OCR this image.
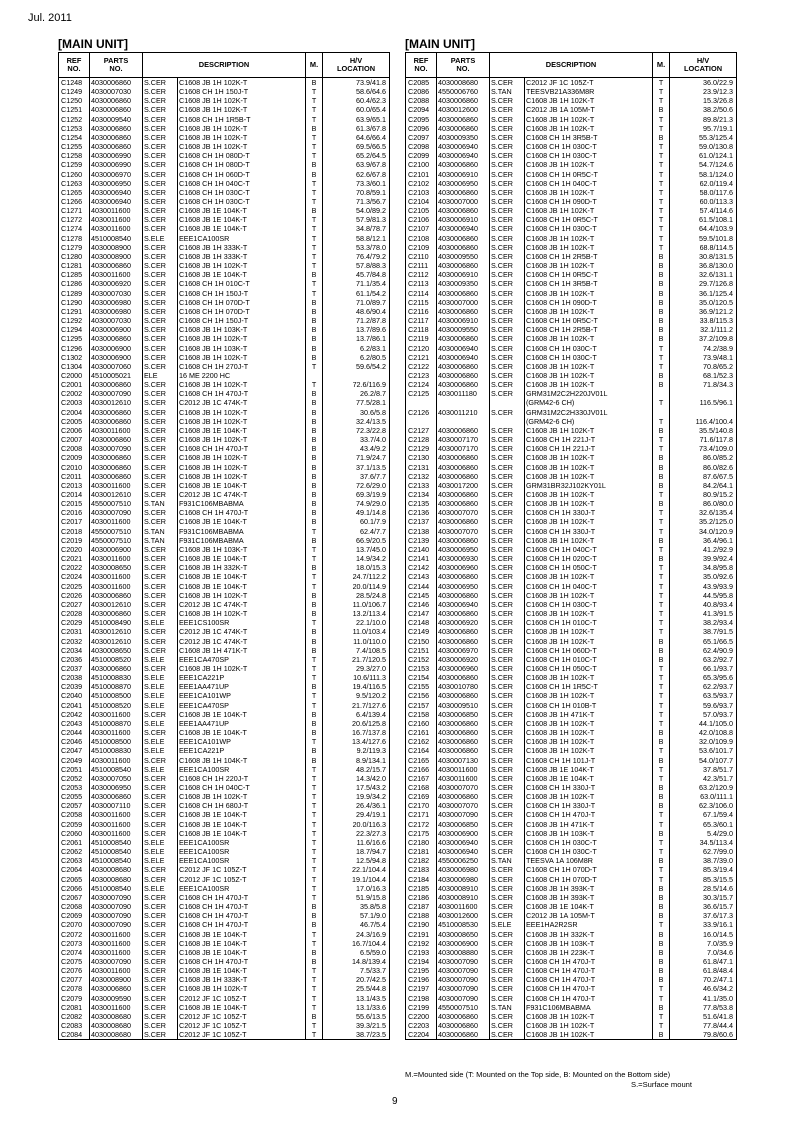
Jul. 2011
[MAIN UNIT]	[MAIN UNIT]
REF
NO.	PARTS
NO.	DESCRIPTION		M.	H/V
LOCATION
C1248	4030006860	S.CER	C1608 JB 1H 102K-T	B	73.9/41.8
C1249	4030007030	S.CER	C1608 CH 1H 150J-T	T	58.6/64.6
C1250	4030006860	S.CER	C1608 JB 1H 102K-T	T	60.4/62.3
C1251	4030006860	S.CER	C1608 JB 1H 102K-T	T	60.0/65.4
C1252	4030009540	S.CER	C1608 CH 1H 1R5B-T	T	63.9/65.1
C1253	4030006860	S.CER	C1608 JB 1H 102K-T	B	61.3/67.8
C1254	4030006860	S.CER	C1608 JB 1H 102K-T	T	64.6/66.4
C1255	4030006860	S.CER	C1608 JB 1H 102K-T	T	69.5/66.5
C1258	4030006990	S.CER	C1608 CH 1H 080D-T	T	65.2/64.5
C1259	4030006990	S.CER	C1608 CH 1H 080D-T	B	63.9/67.8
C1260	4030006970	S.CER	C1608 CH 1H 060D-T	B	62.6/67.8
C1263	4030006950	S.CER	C1608 CH 1H 040C-T	T	73.3/60.1
C1265	4030006940	S.CER	C1608 CH 1H 030C-T	T	70.8/59.1
C1266	4030006940	S.CER	C1608 CH 1H 030C-T	T	71.3/56.7
C1271	4030011600	S.CER	C1608 JB 1E 104K-T	B	54.0/89.2
C1272	4030011600	S.CER	C1608 JB 1E 104K-T	T	57.9/81.3
C1274	4030011600	S.CER	C1608 JB 1E 104K-T	T	34.8/78.7
C1278	4510008540	S.ELE	EEE1CA100SR	T	58.8/12.1
C1279	4030008900	S.CER	C1608 JB 1H 333K-T	T	53.3/78.0
C1280	4030008900	S.CER	C1608 JB 1H 333K-T	T	76.4/79.2
C1281	4030006860	S.CER	C1608 JB 1H 102K-T	T	57.8/88.3
C1285	4030011600	S.CER	C1608 JB 1E 104K-T	B	45.7/84.8
C1286	4030006920	S.CER	C1608 CH 1H 010C-T	T	71.1/35.4
C1289	4030007030	S.CER	C1608 CH 1H 150J-T	T	61.1/54.2
C1290	4030006980	S.CER	C1608 CH 1H 070D-T	B	71.0/89.7
C1291	4030006980	S.CER	C1608 CH 1H 070D-T	B	48.6/90.4
C1292	4030007030	S.CER	C1608 CH 1H 150J-T	B	71.2/87.8
C1294	4030006900	S.CER	C1608 JB 1H 103K-T	B	13.7/89.6
C1295	4030006860	S.CER	C1608 JB 1H 102K-T	B	13.7/86.1
C1296	4030006900	S.CER	C1608 JB 1H 103K-T	B	6.2/83.1
C1302	4030006900	S.CER	C1608 JB 1H 102K-T	B	6.2/80.5
C1304	4030007060	S.CER	C1608 CH 1H 270J-T	T	59.6/54.2
C2000	4510005021	ELE	16 ME 2200 HC		
C2001	4030006860	S.CER	C1608 JB 1H 102K-T	T	72.6/116.9
C2002	4030007090	S.CER	C1608 CH 1H 470J-T	B	26.2/8.7
C2003	4030012610	S.CER	C2012 JB 1C 474K-T	B	77.5/28.1
C2004	4030006860	S.CER	C1608 JB 1H 102K-T	B	30.6/5.8
C2005	4030006860	S.CER	C1608 JB 1H 102K-T	B	32.4/13.5
C2006	4030011600	S.CER	C1608 JB 1E 104K-T	B	72.3/22.8
C2007	4030006860	S.CER	C1608 JB 1H 102K-T	B	33.7/4.0
C2008	4030007090	S.CER	C1608 CH 1H 470J-T	B	43.4/9.2
C2009	4030006860	S.CER	C1608 JB 1H 102K-T	B	71.9/24.7
C2010	4030006860	S.CER	C1608 JB 1H 102K-T	B	37.1/13.5
C2011	4030006860	S.CER	C1608 JB 1H 102K-T	B	37.6/7.7
C2013	4030011600	S.CER	C1608 JB 1E 104K-T	B	72.6/29.0
C2014	4030012610	S.CER	C2012 JB 1C 474K-T	B	69.3/19.9
C2015	4550007510	S.TAN	F931C106MBABMA	B	74.9/29.0
C2016	4030007090	S.CER	C1608 CH 1H 470J-T	B	49.1/14.8
C2017	4030011600	S.CER	C1608 JB 1E 104K-T	B	60.1/7.9
C2018	4550007510	S.TAN	F931C106MBABMA	T	62.4/7.7
C2019	4550007510	S.TAN	F931C106MBABMA	B	66.9/20.5
C2020	4030006900	S.CER	C1608 JB 1H 103K-T	T	13.7/45.0
C2021	4030011600	S.CER	C1608 JB 1E 104K-T	T	14.9/34.2
C2022	4030008650	S.CER	C1608 JB 1H 332K-T	B	18.0/15.3
C2024	4030011600	S.CER	C1608 JB 1E 104K-T	T	24.7/112.2
C2025	4030011600	S.CER	C1608 JB 1E 104K-T	T	20.0/114.9
C2026	4030006860	S.CER	C1608 JB 1H 102K-T	B	28.5/24.8
C2027	4030012610	S.CER	C2012 JB 1C 474K-T	B	11.0/106.7
C2028	4030006860	S.CER	C1608 JB 1H 102K-T	B	13.2/113.4
C2029	4510008490	S.ELE	EEE1CS100SR	T	22.1/10.0
C2031	4030012610	S.CER	C2012 JB 1C 474K-T	B	11.0/103.4
C2032	4030012610	S.CER	C2012 JB 1C 474K-T	B	11.0/110.0
C2034	4030008650	S.CER	C1608 JB 1H 471K-T	B	7.4/108.5
C2036	4510008520	S.ELE	EEE1CA470SP	T	21.7/120.5
C2037	4030006860	S.CER	C1608 JB 1H 102K-T	T	29.3/27.0
C2038	4510008830	S.ELE	EEE1CA221P	T	10.6/111.3
C2039	4510008870	S.ELE	EEE1AA471UP	B	19.4/116.5
C2040	4510008500	S.ELE	EEE1CA101WP	T	9.5/120.2
C2041	4510008520	S.ELE	EEE1CA470SP	T	21.7/127.6
C2042	4030011600	S.CER	C1608 JB 1E 104K-T	B	6.4/139.4
C2043	4510008870	S.ELE	EEE1AA471UP	B	20.6/125.8
C2044	4030011600	S.CER	C1608 JB 1E 104K-T	B	16.7/137.8
C2046	4510008500	S.ELE	EEE1CA101WP	T	13.4/127.6
C2047	4510008830	S.ELE	EEE1CA221P	B	9.2/119.3
C2049	4030011600	S.CER	C1608 JB 1H 104K-T	B	8.9/134.1
C2051	4510008540	S.ELE	EEE1CA100SR	T	48.2/15.7
C2052	4030007050	S.CER	C1608 CH 1H 220J-T	T	14.3/42.0
C2053	4030006950	S.CER	C1608 CH 1H 040C-T	T	17.5/43.2
C2055	4030006860	S.CER	C1608 JB 1H 102K-T	T	19.9/34.2
C2057	4030007110	S.CER	C1608 CH 1H 680J-T	T	26.4/36.1
C2058	4030011600	S.CER	C1608 JB 1E 104K-T	T	29.4/19.1
C2059	4030011600	S.CER	C1608 JB 1E 104K-T	T	20.0/116.3
C2060	4030011600	S.CER	C1608 JB 1E 104K-T	T	22.3/27.3
C2061	4510008540	S.ELE	EEE1CA100SR	T	11.6/16.6
C2062	4510008540	S.ELE	EEE1CA100SR	T	18.7/94.7
C2063	4510008540	S.ELE	EEE1CA100SR	T	12.5/94.8
C2064	4030008680	S.CER	C2012 JF 1C 105Z-T	T	22.1/104.4
C2065	4030008680	S.CER	C2012 JF 1C 105Z-T	T	19.1/104.4
C2066	4510008540	S.ELE	EEE1CA100SR	T	17.0/16.3
C2067	4030007090	S.CER	C1608 CH 1H 470J-T	T	51.9/15.8
C2068	4030007090	S.CER	C1608 CH 1H 470J-T	B	35.8/5.8
C2069	4030007090	S.CER	C1608 CH 1H 470J-T	B	57.1/9.0
C2070	4030007090	S.CER	C1608 CH 1H 470J-T	B	46.7/5.4
C2072	4030011600	S.CER	C1608 JB 1E 104K-T	T	24.3/16.9
C2073	4030011600	S.CER	C1608 JB 1E 104K-T	T	16.7/104.4
C2074	4030011600	S.CER	C1608 JB 1E 104K-T	B	6.5/59.0
C2075	4030007090	S.CER	C1608 CH 1H 470J-T	B	14.8/139.4
C2076	4030011600	S.CER	C1608 JB 1E 104K-T	T	7.5/33.7
C2077	4030008900	S.CER	C1608 JB 1H 333K-T	T	20.7/42.5
C2078	4030006860	S.CER	C1608 JB 1H 102K-T	T	25.5/44.8
C2079	4030009590	S.CER	C2012 JF 1C 105Z-T	T	13.1/43.5
C2081	4030011600	S.CER	C1608 JB 1E 104K-T	T	13.1/33.6
C2082	4030008680	S.CER	C2012 JF 1C 105Z-T	B	55.6/13.5
C2083	4030008680	S.CER	C2012 JF 1C 105Z-T	T	39.3/21.5
C2084	4030008680	S.CER	C2012 JF 1C 105Z-T	T	38.7/23.5
REF
NO.	PARTS
NO.	DESCRIPTION		M.	H/V
LOCATION
C2085	4030008680	S.CER	C2012 JF 1C 105Z-T	T	36.0/22.9
C2086	4550006760	S.TAN	TEESVB21A336M8R	T	23.9/12.3
C2088	4030006860	S.CER	C1608 JB 1H 102K-T	T	15.3/26.8
C2094	4030012600	S.CER	C2012 JB 1A 105M-T	B	38.2/50.6
C2095	4030006860	S.CER	C1608 JB 1H 102K-T	T	89.8/21.3
C2096	4030006860	S.CER	C1608 JB 1H 102K-T	T	95.7/19.1
C2097	4030009350	S.CER	C1608 CH 1H 3R5B-T	B	55.3/125.4
C2098	4030006940	S.CER	C1608 CH 1H 030C-T	T	59.0/130.8
C2099	4030006940	S.CER	C1608 CH 1H 030C-T	T	61.0/124.1
C2100	4030006860	S.CER	C1608 JB 1H 102K-T	T	54.7/124.6
C2101	4030006910	S.CER	C1608 CH 1H 0R5C-T	T	58.1/124.0
C2102	4030006950	S.CER	C1608 CH 1H 040C-T	T	62.0/119.4
C2103	4030006860	S.CER	C1608 JB 1H 102K-T	T	58.0/117.6
C2104	4030007000	S.CER	C1608 CH 1H 090D-T	T	60.0/113.3
C2105	4030006860	S.CER	C1608 JB 1H 102K-T	T	57.4/114.6
C2106	4030006910	S.CER	C1608 CH 1H 0R5C-T	T	61.5/108.1
C2107	4030006940	S.CER	C1608 CH 1H 030C-T	T	64.4/103.9
C2108	4030006860	S.CER	C1608 JB 1H 102K-T	T	59.5/101.8
C2109	4030006860	S.CER	C1608 JB 1H 102K-T	T	68.8/114.5
C2110	4030009550	S.CER	C1608 CH 1H 2R5B-T	B	30.8/131.5
C2111	4030006860	S.CER	C1608 JB 1H 102K-T	B	36.8/130.0
C2112	4030006910	S.CER	C1608 CH 1H 0R5C-T	B	32.6/131.1
C2113	4030009350	S.CER	C1608 CH 1H 3R5B-T	B	29.7/126.8
C2114	4030006860	S.CER	C1608 JB 1H 102K-T	B	36.1/125.4
C2115	4030007000	S.CER	C1608 CH 1H 090D-T	B	35.0/120.5
C2116	4030006860	S.CER	C1608 JB 1H 102K-T	B	36.9/121.2
C2117	4030006910	S.CER	C1608 CH 1H 0R5C-T	B	33.8/115.3
C2118	4030009550	S.CER	C1608 CH 1H 2R5B-T	B	32.1/111.2
C2119	4030006860	S.CER	C1608 JB 1H 102K-T	B	37.2/109.8
C2120	4030006940	S.CER	C1608 CH 1H 030C-T	T	74.2/38.9
C2121	4030006940	S.CER	C1608 CH 1H 030C-T	T	73.9/48.1
C2122	4030006860	S.CER	C1608 JB 1H 102K-T	T	70.8/65.2
C2123	4030006860	S.CER	C1608 JB 1H 102K-T	B	68.1/52.3
C2124	4030006860	S.CER	C1608 JB 1H 102K-T	B	71.8/34.3
C2125	4030011180	S.CER	GRM31M2C2H220JV01L		
			(GRM42-6 CH)	T	116.5/96.1
C2126	4030011210	S.CER	GRM31M2C2H330JV01L		
			(GRM42-6 CH)	T	116.4/100.4
C2127	4030006860	S.CER	C1608 JB 1H 102K-T	B	35.5/140.8
C2128	4030007170	S.CER	C1608 CH 1H 221J-T	T	71.6/117.8
C2129	4030007170	S.CER	C1608 CH 1H 221J-T	T	73.4/109.0
C2130	4030006860	S.CER	C1608 JB 1H 102K-T	B	86.0/85.2
C2131	4030006860	S.CER	C1608 JB 1H 102K-T	B	86.0/82.6
C2132	4030006860	S.CER	C1608 JB 1H 102K-T	B	87.6/67.5
C2133	4030017200	S.CER	GRM31BR32J102KY01L	B	84.2/64.1
C2134	4030006860	S.CER	C1608 JB 1H 102K-T	T	80.9/15.2
C2135	4030006860	S.CER	C1608 JB 1H 102K-T	B	86.0/80.0
C2136	4030007070	S.CER	C1608 CH 1H 330J-T	T	32.6/135.4
C2137	4030006860	S.CER	C1608 JB 1H 102K-T	T	35.2/125.0
C2138	4030007070	S.CER	C1608 CH 1H 330J-T	T	34.0/120.9
C2139	4030006860	S.CER	C1608 JB 1H 102K-T	B	36.4/96.1
C2140	4030006950	S.CER	C1608 CH 1H 040C-T	T	41.2/92.9
C2141	4030006930	S.CER	C1608 CH 1H 020C-T	B	39.9/92.4
C2142	4030006960	S.CER	C1608 CH 1H 050C-T	T	34.8/95.8
C2143	4030006860	S.CER	C1608 JB 1H 102K-T	T	35.0/92.6
C2144	4030006950	S.CER	C1608 CH 1H 040C-T	T	43.9/93.9
C2145	4030006860	S.CER	C1608 JB 1H 102K-T	T	44.5/95.8
C2146	4030006940	S.CER	C1608 CH 1H 030C-T	T	40.8/93.4
C2147	4030006860	S.CER	C1608 JB 1H 102K-T	T	41.3/91.5
C2148	4030006920	S.CER	C1608 CH 1H 010C-T	T	38.2/93.4
C2149	4030006860	S.CER	C1608 JB 1H 102K-T	T	38.7/91.5
C2150	4030006860	S.CER	C1608 JB 1H 102K-T	B	65.1/66.5
C2151	4030006970	S.CER	C1608 CH 1H 060D-T	B	62.4/90.9
C2152	4030006920	S.CER	C1608 CH 1H 010C-T	B	63.2/92.7
C2153	4030006960	S.CER	C1608 CH 1H 050C-T	T	66.1/93.7
C2154	4030006860	S.CER	C1608 JB 1H 102K-T	T	65.3/95.6
C2155	4030010780	S.CER	C1608 CH 1H 1R5C-T	T	62.2/93.7
C2156	4030006860	S.CER	C1608 JB 1H 102K-T	T	63.5/93.7
C2157	4030009510	S.CER	C1608 CH 1H 010B-T	T	59.6/93.7
C2158	4030006850	S.CER	C1608 JB 1H 471K-T	T	57.0/93.7
C2160	4030006860	S.CER	C1608 JB 1H 102K-T	T	44.1/105.0
C2161	4030006860	S.CER	C1608 JB 1H 102K-T	B	42.0/108.8
C2162	4030006860	S.CER	C1608 JB 1H 102K-T	B	32.0/109.9
C2164	4030006860	S.CER	C1608 JB 1H 102K-T	T	53.6/101.7
C2165	4030007130	S.CER	C1608 CH 1H 101J-T	B	54.0/107.7
C2166	4030011600	S.CER	C1608 JB 1E 104K-T	T	37.8/51.7
C2167	4030011600	S.CER	C1608 JB 1E 104K-T	T	42.3/51.7
C2168	4030007070	S.CER	C1608 CH 1H 330J-T	B	63.2/120.9
C2169	4030006860	S.CER	C1608 JB 1H 102K-T	B	63.0/111.1
C2170	4030007070	S.CER	C1608 CH 1H 330J-T	B	62.3/106.0
C2171	4030007090	S.CER	C1608 CH 1H 470J-T	T	67.1/59.4
C2172	4030006850	S.CER	C1608 JB 1H 471K-T	T	65.3/60.1
C2175	4030006900	S.CER	C1608 JB 1H 103K-T	B	5.4/29.0
C2180	4030006940	S.CER	C1608 CH 1H 030C-T	T	34.5/113.4
C2181	4030006940	S.CER	C1608 CH 1H 030C-T	T	62.7/99.0
C2182	4550006250	S.TAN	TEESVA 1A 106M8R	B	38.7/39.0
C2183	4030006980	S.CER	C1608 CH 1H 070D-T	T	85.3/19.4
C2184	4030006980	S.CER	C1608 CH 1H 070D-T	T	85.3/15.5
C2185	4030008910	S.CER	C1608 JB 1H 393K-T	B	28.5/14.6
C2186	4030008910	S.CER	C1608 JB 1H 393K-T	B	30.3/15.7
C2187	4030011600	S.CER	C1608 JB 1E 104K-T	B	36.6/15.7
C2188	4030012600	S.CER	C2012 JB 1A 105M-T	B	37.6/17.3
C2190	4510008530	S.ELE	EEE1HA2R2SR	T	33.9/16.1
C2191	4030008650	S.CER	C1608 JB 1H 332K-T	B	16.0/14.5
C2192	4030006900	S.CER	C1608 JB 1H 103K-T	B	7.0/35.9
C2193	4030008880	S.CER	C1608 JB 1H 223K-T	B	7.0/34.6
C2194	4030007090	S.CER	C1608 CH 1H 470J-T	B	61.8/47.1
C2195	4030007090	S.CER	C1608 CH 1H 470J-T	B	61.8/48.4
C2196	4030007090	S.CER	C1608 CH 1H 470J-T	B	70.2/47.1
C2197	4030007090	S.CER	C1608 CH 1H 470J-T	T	46.6/34.2
C2198	4030007090	S.CER	C1608 CH 1H 470J-T	T	41.1/35.0
C2199	4550007510	S.TAN	F931C106MBABMA	B	77.8/53.8
C2200	4030006860	S.CER	C1608 JB 1H 102K-T	T	51.6/41.8
C2203	4030006860	S.CER	C1608 JB 1H 102K-T	T	77.8/44.4
C2204	4030006860	S.CER	C1608 JB 1H 102K-T	B	79.8/60.6
M.=Mounted side (T: Mounted on the Top side, B: Mounted on the Bottom side)
S.=Surface mount
9
